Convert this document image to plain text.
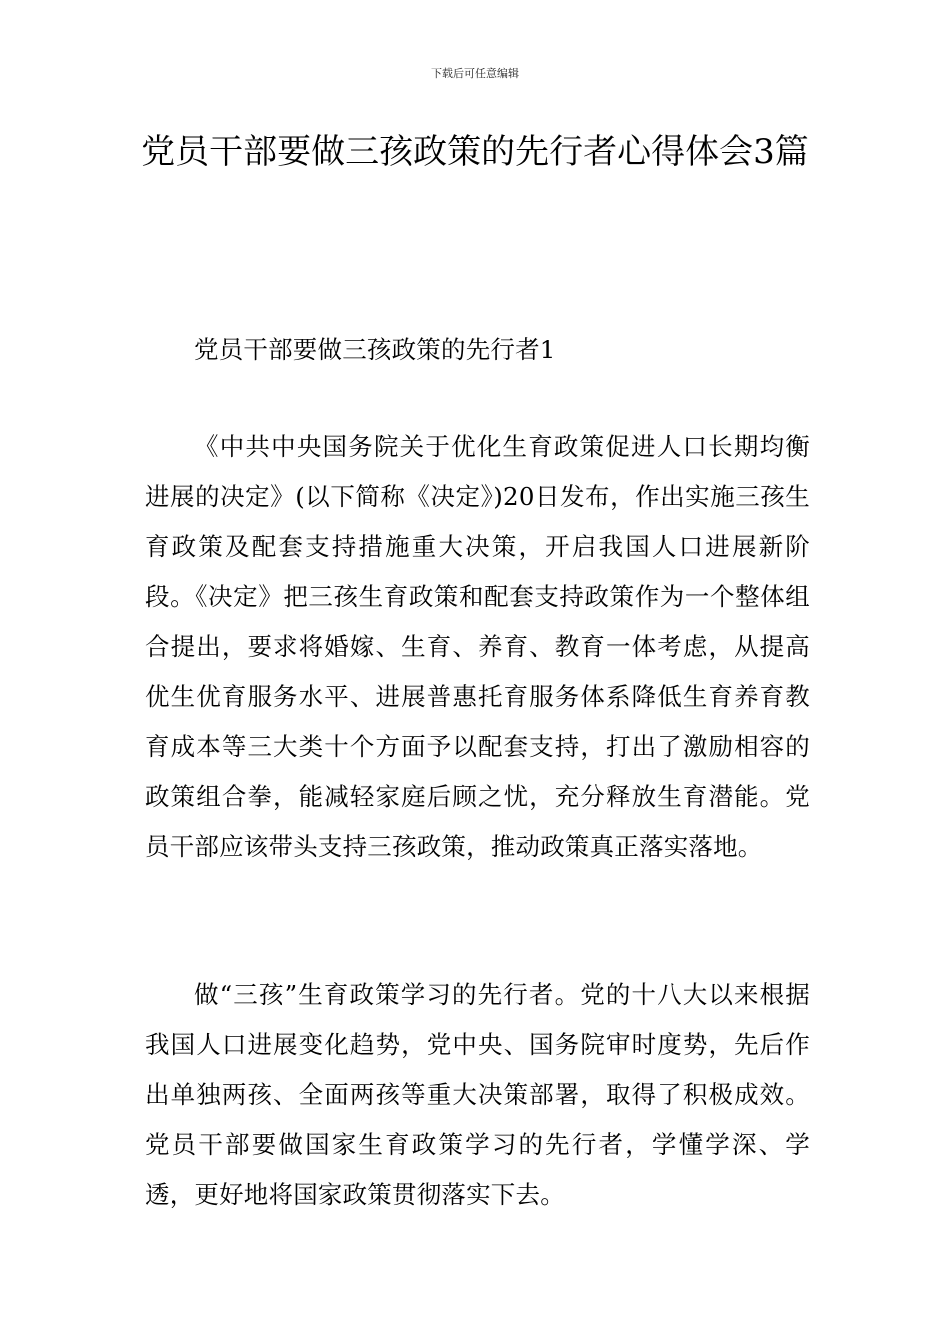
下载后可任意编辑
党员干部要做三孩政策的先行者心得体会3篇

党员干部要做三孩政策的先行者1

《中共中央国务院关于优化生育政策促进人口长期均衡进展的决定》(以下简称《决定》)20日发布，作出实施三孩生育政策及配套支持措施重大决策，开启我国人口进展新阶段。《决定》把三孩生育政策和配套支持政策作为一个整体组合提出，要求将婚嫁、生育、养育、教育一体考虑，从提高优生优育服务水平、进展普惠托育服务体系降低生育养育教育成本等三大类十个方面予以配套支持，打出了激励相容的政策组合拳，能减轻家庭后顾之忧，充分释放生育潜能。党员干部应该带头支持三孩政策，推动政策真正落实落地。

做“三孩”生育政策学习的先行者。党的十八大以来根据我国人口进展变化趋势，党中央、国务院审时度势，先后作出单独两孩、全面两孩等重大决策部署，取得了积极成效。党员干部要做国家生育政策学习的先行者，学懂学深、学透，更好地将国家政策贯彻落实下去。
